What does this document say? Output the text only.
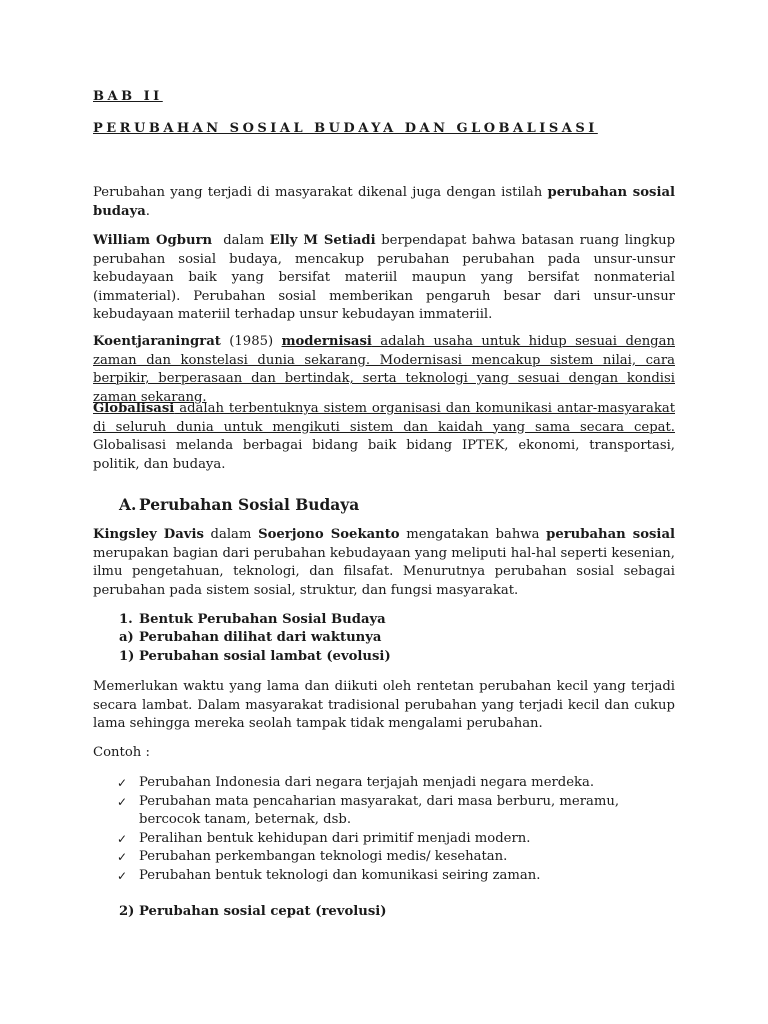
BAB II
PERUBAHAN SOSIAL BUDAYA DAN GLOBALISASI

Perubahan yang terjadi di masyarakat dikenal juga dengan istilah perubahan sosial budaya.

William Ogburn  dalam Elly M Setiadi berpendapat bahwa batasan ruang lingkup perubahan sosial budaya, mencakup perubahan perubahan pada unsur-unsur kebudayaan baik yang bersifat materiil maupun yang bersifat nonmaterial (immaterial). Perubahan sosial memberikan pengaruh besar dari unsur-unsur kebudayaan materiil terhadap unsur kebudayan immateriil.

Koentjaraningrat (1985) modernisasi adalah usaha untuk hidup sesuai dengan zaman dan konstelasi dunia sekarang. Modernisasi mencakup sistem nilai, cara berpikir, berperasaan dan bertindak, serta teknologi yang sesuai dengan kondisi zaman sekarang.

Globalisasi adalah terbentuknya sistem organisasi dan komunikasi antar-masyarakat di seluruh dunia untuk mengikuti sistem dan kaidah yang sama secara cepat. Globalisasi melanda berbagai bidang baik bidang IPTEK, ekonomi, transportasi, politik, dan budaya.

A. Perubahan Sosial Budaya

Kingsley Davis dalam Soerjono Soekanto mengatakan bahwa perubahan sosial merupakan bagian dari perubahan kebudayaan yang meliputi hal-hal seperti kesenian, ilmu pengetahuan, teknologi, dan filsafat. Menurutnya perubahan sosial sebagai perubahan pada sistem sosial, struktur, dan fungsi masyarakat.

1. Bentuk Perubahan Sosial Budaya
a) Perubahan dilihat dari waktunya
1) Perubahan sosial lambat (evolusi)

Memerlukan waktu yang lama dan diikuti oleh rentetan perubahan kecil yang terjadi secara lambat. Dalam masyarakat tradisional perubahan yang terjadi kecil dan cukup lama sehingga mereka seolah tampak tidak mengalami perubahan.

Contoh :

✓ Perubahan Indonesia dari negara terjajah menjadi negara merdeka.
✓ Perubahan mata pencaharian masyarakat, dari masa berburu, meramu, bercocok tanam, beternak, dsb.
✓ Peralihan bentuk kehidupan dari primitif menjadi modern.
✓ Perubahan perkembangan teknologi medis/ kesehatan.
✓ Perubahan bentuk teknologi dan komunikasi seiring zaman.
2) Perubahan sosial cepat (revolusi)
